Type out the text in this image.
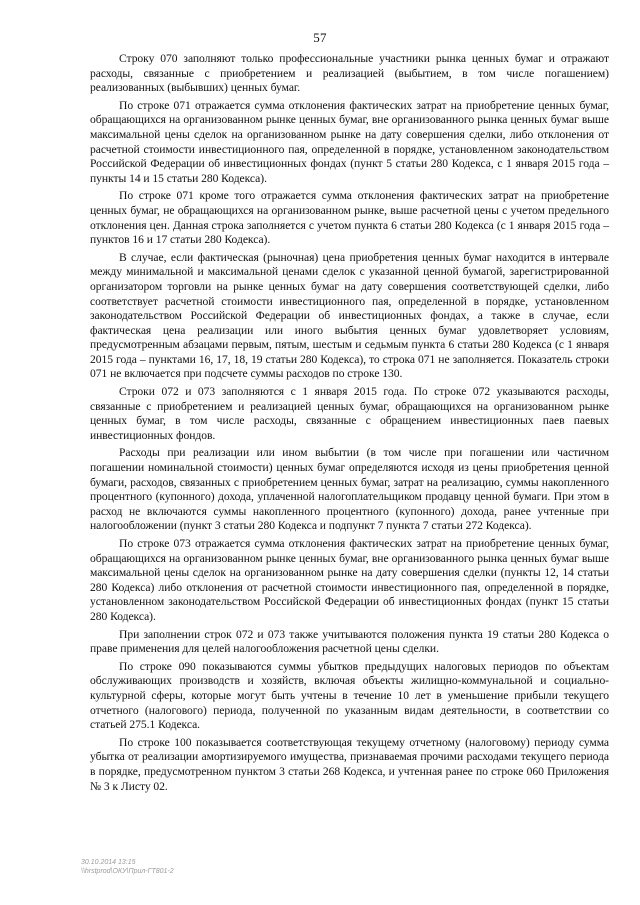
57

Строку 070 заполняют только профессиональные участники рынка ценных бумаг и отражают расходы, связанные с приобретением и реализацией (выбытием, в том числе погашением) реализованных (выбывших) ценных бумаг.

По строке 071 отражается сумма отклонения фактических затрат на приобретение ценных бумаг, обращающихся на организованном рынке ценных бумаг, вне организованного рынка ценных бумаг выше максимальной цены сделок на организованном рынке на дату совершения сделки, либо отклонения от расчетной стоимости инвестиционного пая, определенной в порядке, установленном законодательством Российской Федерации об инвестиционных фондах (пункт 5 статьи 280 Кодекса, с 1 января 2015 года – пункты 14 и 15 статьи 280 Кодекса).

По строке 071 кроме того отражается сумма отклонения фактических затрат на приобретение ценных бумаг, не обращающихся на организованном рынке, выше расчетной цены с учетом предельного отклонения цен. Данная строка заполняется с учетом пункта 6 статьи 280 Кодекса (с 1 января 2015 года – пунктов 16 и 17 статьи 280 Кодекса).

В случае, если фактическая (рыночная) цена приобретения ценных бумаг находится в интервале между минимальной и максимальной ценами сделок с указанной ценной бумагой, зарегистрированной организатором торговли на рынке ценных бумаг на дату совершения соответствующей сделки, либо соответствует расчетной стоимости инвестиционного пая, определенной в порядке, установленном законодательством Российской Федерации об инвестиционных фондах, а также в случае, если фактическая цена реализации или иного выбытия ценных бумаг удовлетворяет условиям, предусмотренным абзацами первым, пятым, шестым и седьмым пункта 6 статьи 280 Кодекса (с 1 января 2015 года – пунктами 16, 17, 18, 19 статьи 280 Кодекса), то строка 071 не заполняется. Показатель строки 071 не включается при подсчете суммы расходов по строке 130.

Строки 072 и 073 заполняются с 1 января 2015 года. По строке 072 указываются расходы, связанные с приобретением и реализацией ценных бумаг, обращающихся на организованном рынке ценных бумаг, в том числе расходы, связанные с обращением инвестиционных паев паевых инвестиционных фондов.

Расходы при реализации или ином выбытии (в том числе при погашении или частичном погашении номинальной стоимости) ценных бумаг определяются исходя из цены приобретения ценной бумаги, расходов, связанных с приобретением ценных бумаг, затрат на реализацию, суммы накопленного процентного (купонного) дохода, уплаченной налогоплательщиком продавцу ценной бумаги. При этом в расход не включаются суммы накопленного процентного (купонного) дохода, ранее учтенные при налогообложении (пункт 3 статьи 280 Кодекса и подпункт 7 пункта 7 статьи 272 Кодекса).

По строке 073 отражается сумма отклонения фактических затрат на приобретение ценных бумаг, обращающихся на организованном рынке ценных бумаг, вне организованного рынка ценных бумаг выше максимальной цены сделок на организованном рынке на дату совершения сделки (пункты 12, 14 статьи 280 Кодекса) либо отклонения от расчетной стоимости инвестиционного пая, определенной в порядке, установленном законодательством Российской Федерации об инвестиционных фондах (пункт 15 статьи 280 Кодекса).

При заполнении строк 072 и 073 также учитываются положения пункта 19 статьи 280 Кодекса о праве применения для целей налогообложения расчетной цены сделки.

По строке 090 показываются суммы убытков предыдущих налоговых периодов по объектам обслуживающих производств и хозяйств, включая объекты жилищно-коммунальной и социально-культурной сферы, которые могут быть учтены в течение 10 лет в уменьшение прибыли текущего отчетного (налогового) периода, полученной по указанным видам деятельности, в соответствии со статьей 275.1 Кодекса.

По строке 100 показывается соответствующая текущему отчетному (налоговому) периоду сумма убытка от реализации амортизируемого имущества, признаваемая прочими расходами текущего периода в порядке, предусмотренном пунктом 3 статьи 268 Кодекса, и учтенная ранее по строке 060 Приложения № 3 к Листу 02.

30.10.2014 13:15
\\hrstprod\ОКУ\Прил-ГТ801-2
